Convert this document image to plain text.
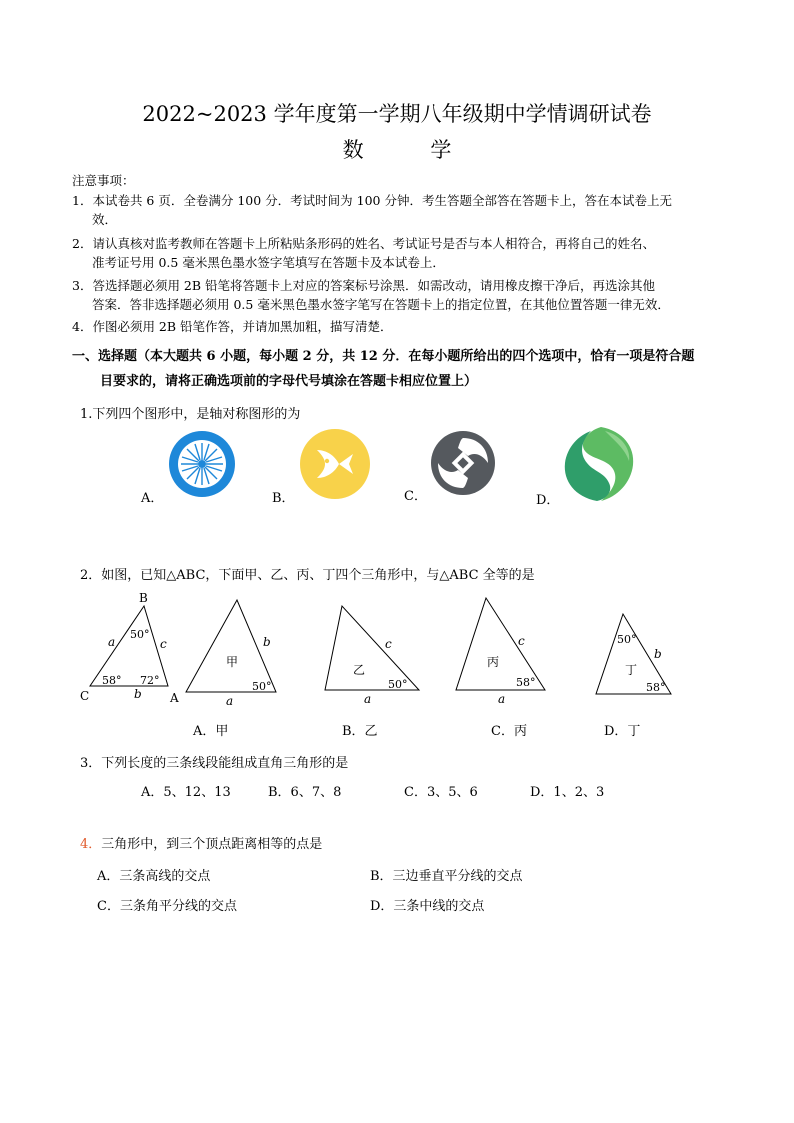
2022~2023 学年度第一学期八年级期中学情调研试卷
数 学
注意事项：
1．本试卷共 6 页．全卷满分 100 分．考试时间为 100 分钟．考生答题全部答在答题卡上，答在本试卷上无
效．
2．请认真核对监考教师在答题卡上所粘贴条形码的姓名、考试证号是否与本人相符合，再将自己的姓名、
准考证号用 0.5 毫米黑色墨水签字笔填写在答题卡及本试卷上．
3．答选择题必须用 2B 铅笔将答题卡上对应的答案标号涂黑．如需改动，请用橡皮擦干净后，再选涂其他
答案．答非选择题必须用 0.5 毫米黑色墨水签字笔写在答题卡上的指定位置，在其他位置答题一律无效．
4．作图必须用 2B 铅笔作答，并请加黑加粗，描写清楚．
一、选择题（本大题共 6 小题，每小题 2 分，共 12 分．在每小题所给出的四个选项中，恰有一项是符合题
目要求的，请将正确选项前的字母代号填涂在答题卡相应位置上）
1.下列四个图形中，是轴对称图形的为
A．	B．	C．	D．
2．如图，已知△ABC，下面甲、乙、丙、丁四个三角形中，与△ABC 全等的是
B
C	A
a	c
b
50°
58° 72°
甲
b
a
50°
乙
c
a
50°
丙
c
a
58°
丁
b
50°
58°
A．甲	B．乙	C．丙	D．丁
3．下列长度的三条线段能组成直角三角形的是
A．5、12、13	B．6、7、8	C．3、5、6	D．1、2、3
4．三角形中，到三个顶点距离相等的点是
A．三条高线的交点	B．三边垂直平分线的交点
C．三条角平分线的交点	D．三条中线的交点
